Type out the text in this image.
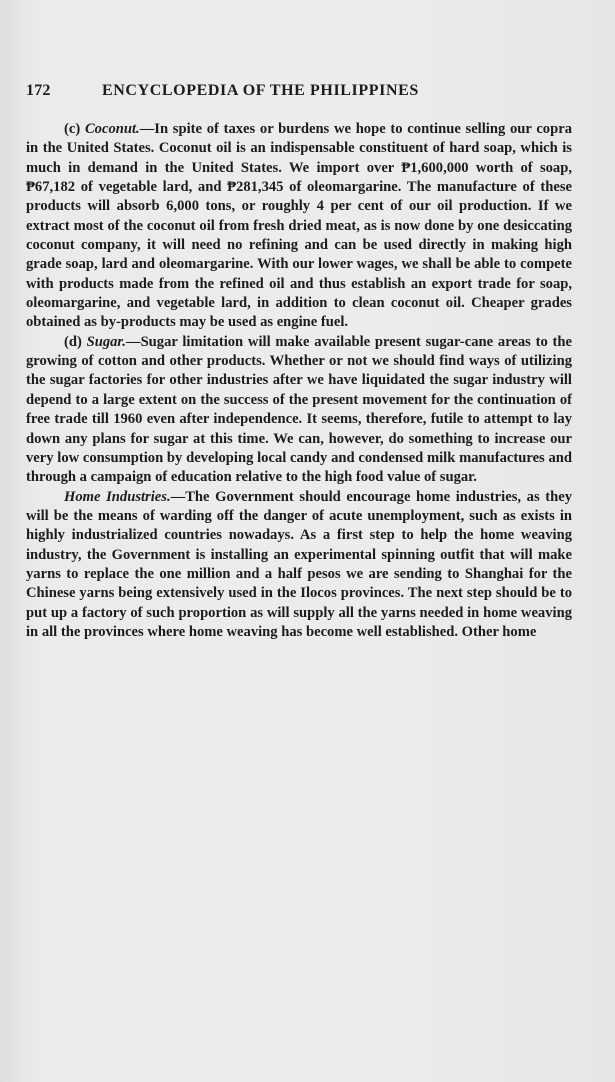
172	ENCYCLOPEDIA OF THE PHILIPPINES

(c) Coconut.—In spite of taxes or burdens we hope to continue selling our copra in the United States. Coconut oil is an indispensable constituent of hard soap, which is much in demand in the United States. We import over ₱1,600,000 worth of soap, ₱67,182 of vegetable lard, and ₱281,345 of oleomargarine. The manufacture of these products will absorb 6,000 tons, or roughly 4 per cent of our oil production. If we extract most of the coconut oil from fresh dried meat, as is now done by one desiccating coconut company, it will need no refining and can be used directly in making high grade soap, lard and oleomargarine. With our lower wages, we shall be able to compete with products made from the refined oil and thus establish an export trade for soap, oleomargarine, and vegetable lard, in addition to clean coconut oil. Cheaper grades obtained as by-products may be used as engine fuel.

(d) Sugar.—Sugar limitation will make available present sugar-cane areas to the growing of cotton and other products. Whether or not we should find ways of utilizing the sugar factories for other industries after we have liquidated the sugar industry will depend to a large extent on the success of the present movement for the continuation of free trade till 1960 even after independence. It seems, therefore, futile to attempt to lay down any plans for sugar at this time. We can, however, do something to increase our very low consumption by developing local candy and condensed milk manufactures and through a campaign of education relative to the high food value of sugar.

Home Industries.—The Government should encourage home industries, as they will be the means of warding off the danger of acute unemployment, such as exists in highly industrialized countries nowadays. As a first step to help the home weaving industry, the Government is installing an experimental spinning outfit that will make yarns to replace the one million and a half pesos we are sending to Shanghai for the Chinese yarns being extensively used in the Ilocos provinces. The next step should be to put up a factory of such proportion as will supply all the yarns needed in home weaving in all the provinces where home weaving has become well established. Other home
